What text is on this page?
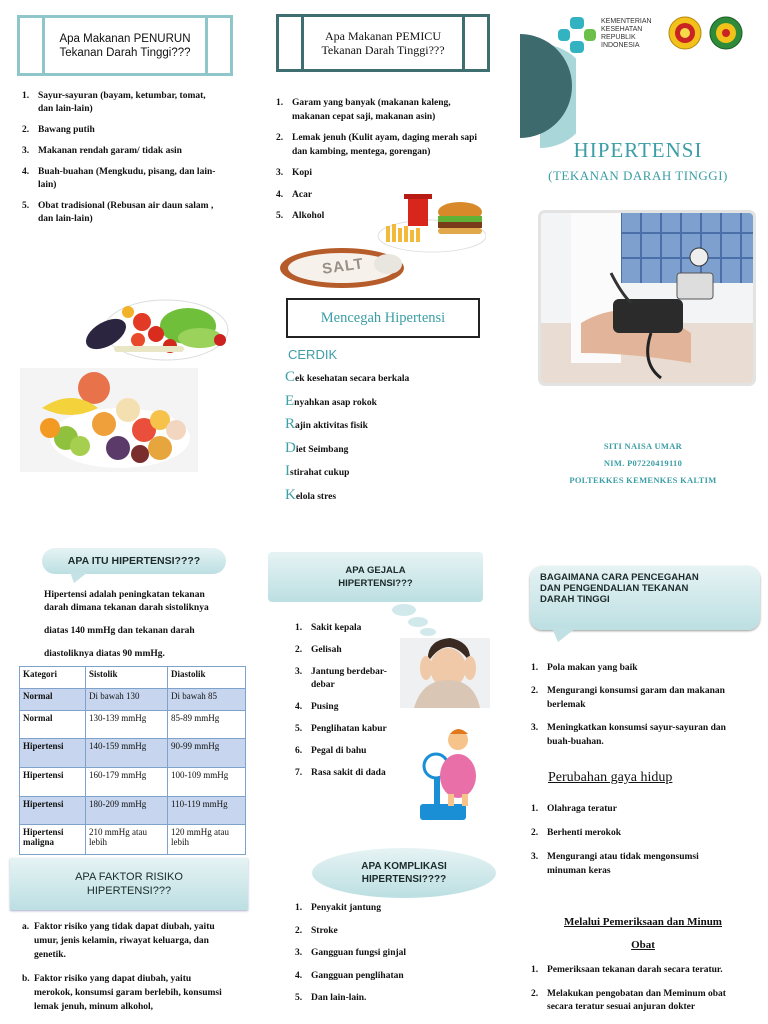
Apa Makanan PENURUN
Tekanan Darah Tinggi???
1. Sayur-sayuran (bayam, ketumbar, tomat, dan lain-lain)
2. Bawang putih
3. Makanan rendah garam/ tidak asin
4. Buah-buahan (Mengkudu, pisang, dan lain-lain)
5. Obat tradisional (Rebusan air daun salam , dan lain-lain)
Apa Makanan PEMICU
Tekanan Darah Tinggi???
1. Garam yang banyak (makanan kaleng, makanan cepat saji, makanan asin)
2. Lemak jenuh (Kulit ayam, daging merah sapi dan kambing, mentega, gorengan)
3. Kopi
4. Acar
5. Alkohol
SALT
Mencegah Hipertensi
CERDIK
Cek kesehatan secara berkala
Enyahkan asap rokok
Rajin aktivitas fisik
Diet Seimbang
Istirahat cukup
Kelola stres
KEMENTERIAN
KESEHATAN
REPUBLIK
INDONESIA
HIPERTENSI
(TEKANAN DARAH TINGGI)
SITI NAISA UMAR
NIM. P07220419110
POLTEKKES KEMENKES KALTIM
APA ITU HIPERTENSI????
Hipertensi adalah peningkatan tekanan
darah dimana tekanan darah sistoliknya
diatas 140 mmHg dan tekanan darah
diastoliknya diatas 90 mmHg.
Kategori	Sistolik	Diastolik
Normal	Di bawah 130	Di bawah 85
Normal	130-139 mmHg	85-89 mmHg
Hipertensi	140-159 mmHg	90-99 mmHg
Hipertensi	160-179 mmHg	100-109 mmHg
Hipertensi	180-209 mmHg	110-119 mmHg
Hipertensi maligna	210 mmHg atau lebih	120 mmHg atau lebih
APA FAKTOR RISIKO
HIPERTENSI???
a. Faktor risiko yang tidak dapat diubah, yaitu umur, jenis kelamin, riwayat keluarga, dan genetik.
b. Faktor risiko yang dapat diubah, yaitu merokok, konsumsi garam berlebih, konsumsi lemak jenuh, minum alkohol,
APA GEJALA
HIPERTENSI???
1. Sakit kepala
2. Gelisah
3. Jantung berdebar-debar
4. Pusing
5. Penglihatan kabur
6. Pegal di bahu
7. Rasa sakit di dada
APA KOMPLIKASI
HIPERTENSI????
1. Penyakit jantung
2. Stroke
3. Gangguan fungsi ginjal
4. Gangguan penglihatan
5. Dan lain-lain.
BAGAIMANA CARA PENCEGAHAN
DAN PENGENDALIAN TEKANAN
DARAH TINGGI
1. Pola makan yang baik
2. Mengurangi konsumsi garam dan makanan berlemak
3. Meningkatkan konsumsi sayur-sayuran dan buah-buahan.
Perubahan gaya hidup
1. Olahraga teratur
2. Berhenti merokok
3. Mengurangi atau tidak mengonsumsi minuman keras
Melalui Pemeriksaan dan Minum
Obat
1. Pemeriksaan tekanan darah secara teratur.
2. Melakukan pengobatan dan Meminum obat secara teratur sesuai anjuran dokter
